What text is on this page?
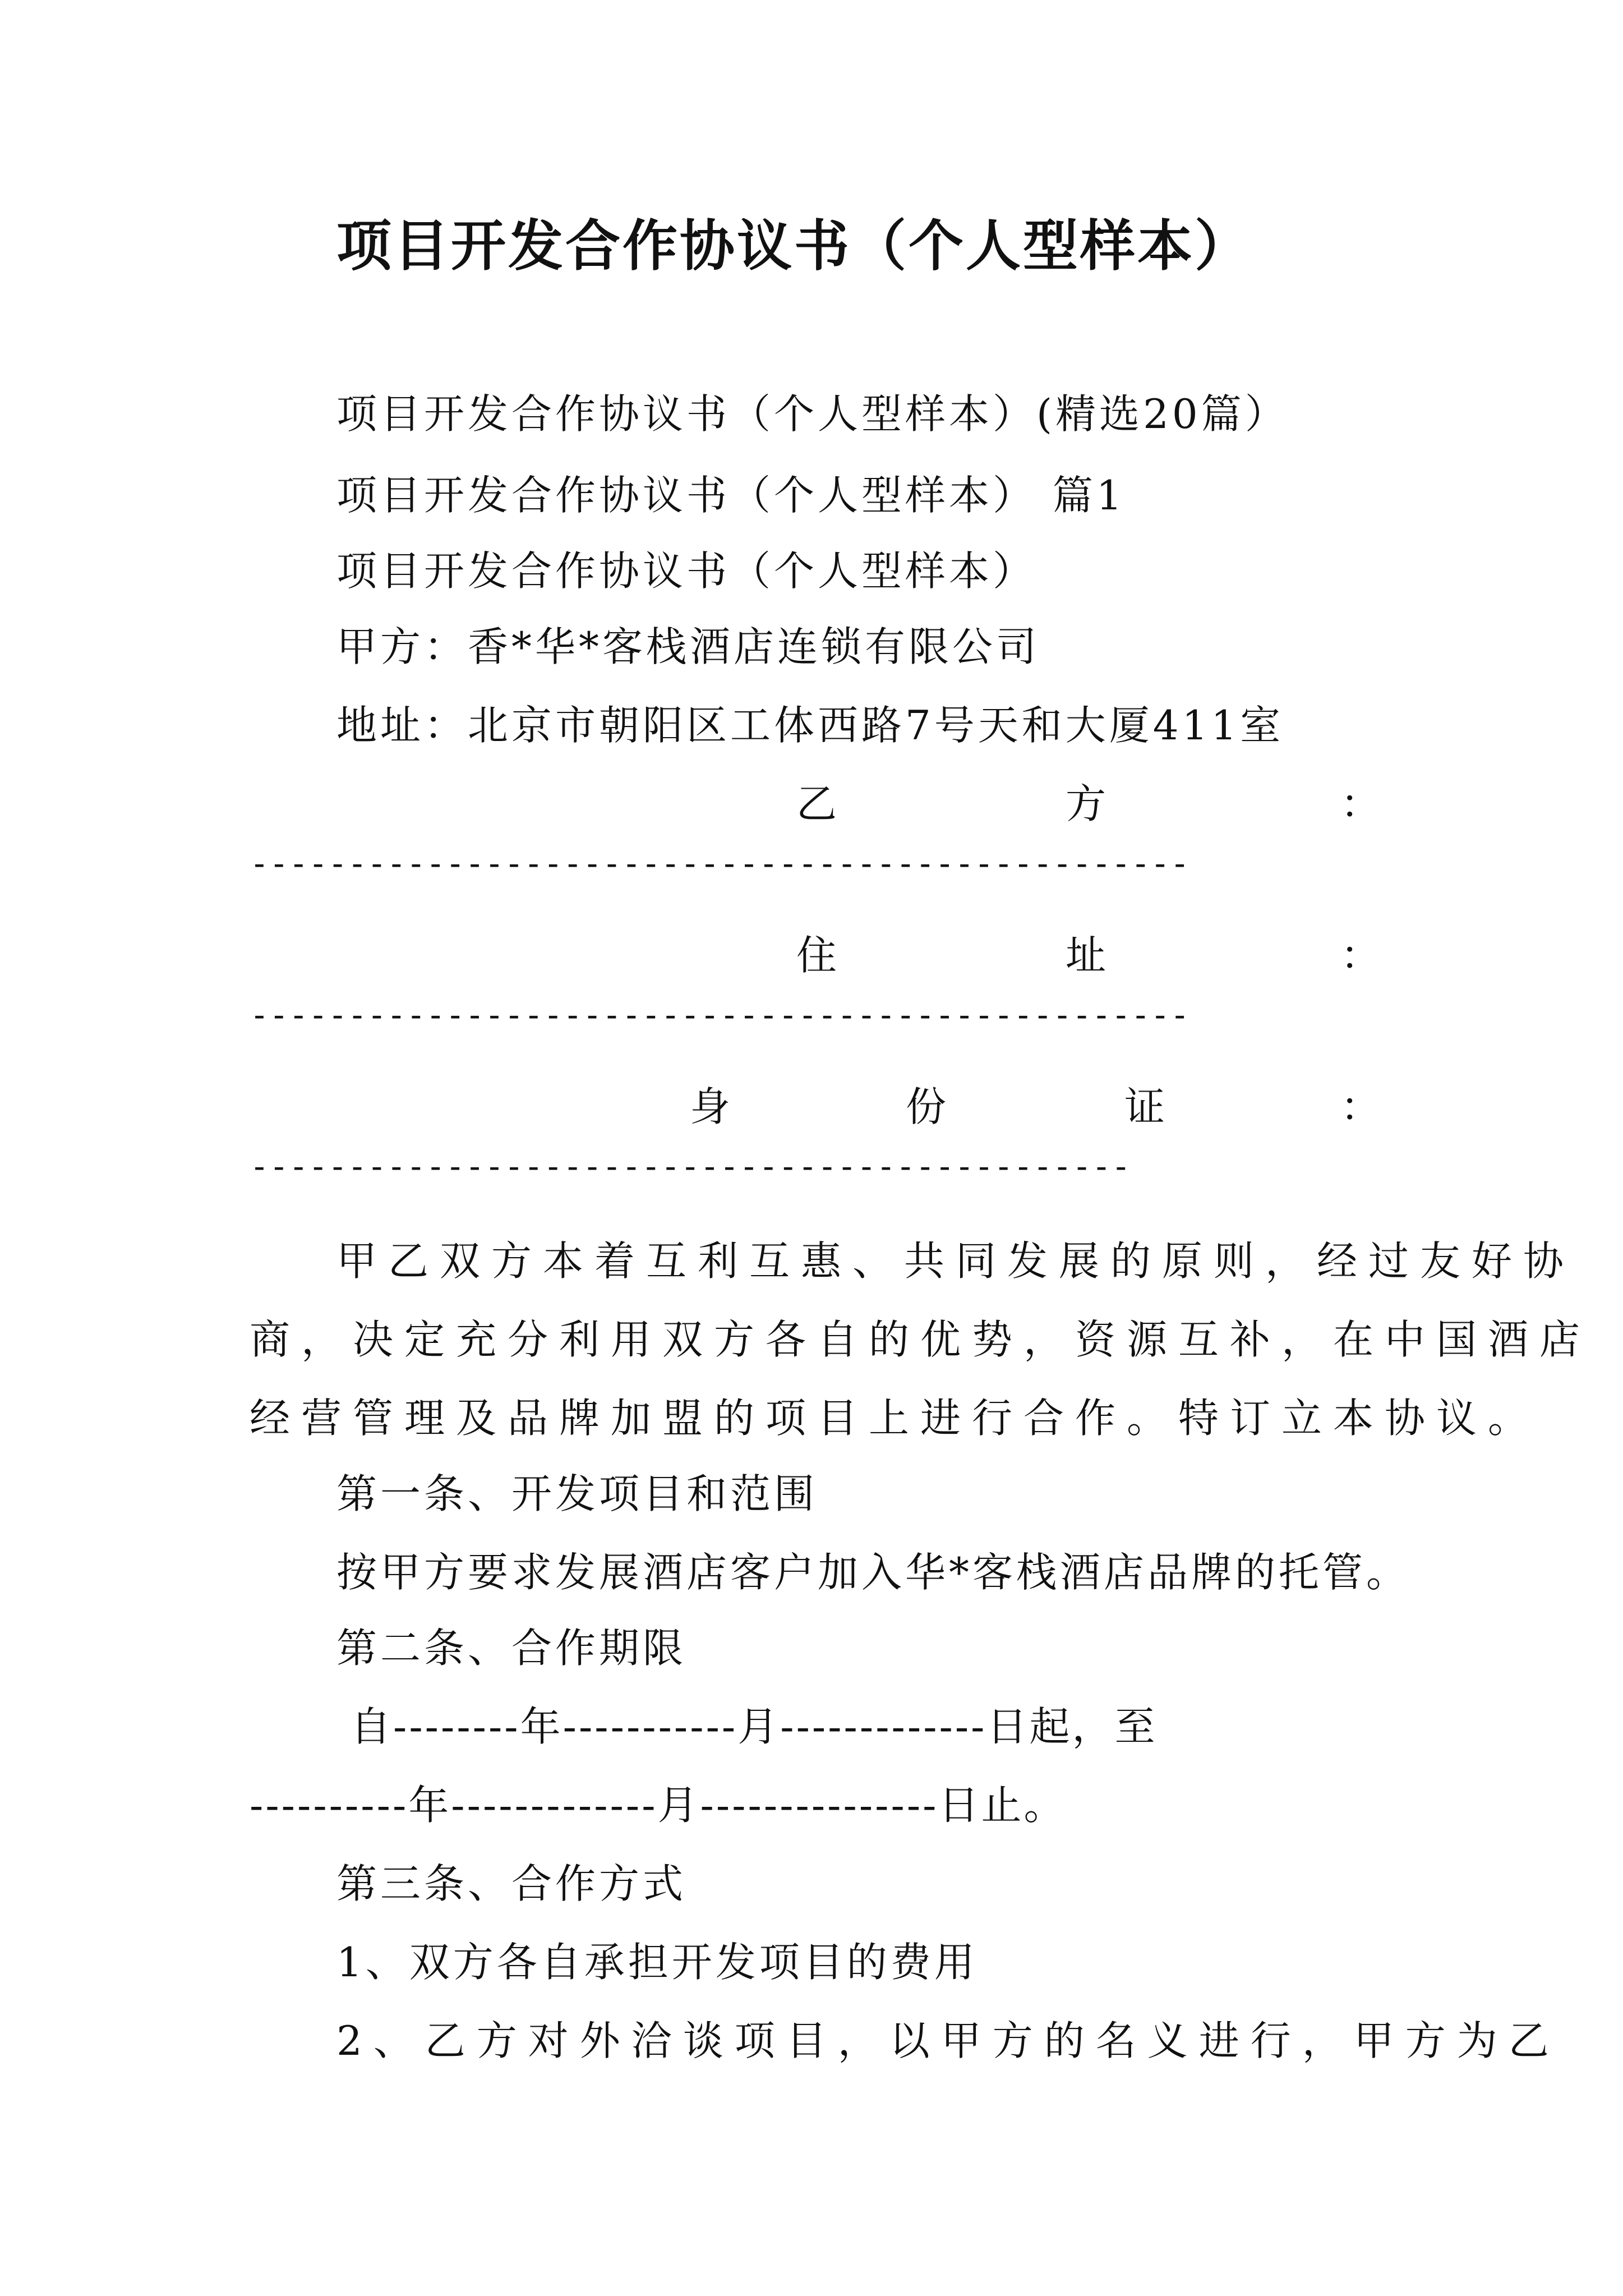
项目开发合作协议书（个人型样本）
项目开发合作协议书（个人型样本）(精选20篇）
项目开发合作协议书（个人型样本） 篇1
项目开发合作协议书（个人型样本）
甲方：香*华*客栈酒店连锁有限公司
地址：北京市朝阳区工体西路7号天和大厦411室
乙	方	：
------------------------------------------------
住	址	：
------------------------------------------------
身	份	证	：
---------------------------------------------
甲乙双方本着互利互惠、共同发展的原则，经过友好协
商，决定充分利用双方各自的优势，资源互补，在中国酒店
经营管理及品牌加盟的项目上进行合作。特订立本协议。
第一条、开发项目和范围
按甲方要求发展酒店客户加入华*客栈酒店品牌的托管。
第二条、合作期限
自--------年-----------月-------------日起，至
----------年-------------月---------------日止。
第三条、合作方式
1、双方各自承担开发项目的费用
2、乙方对外洽谈项目，以甲方的名义进行，甲方为乙
